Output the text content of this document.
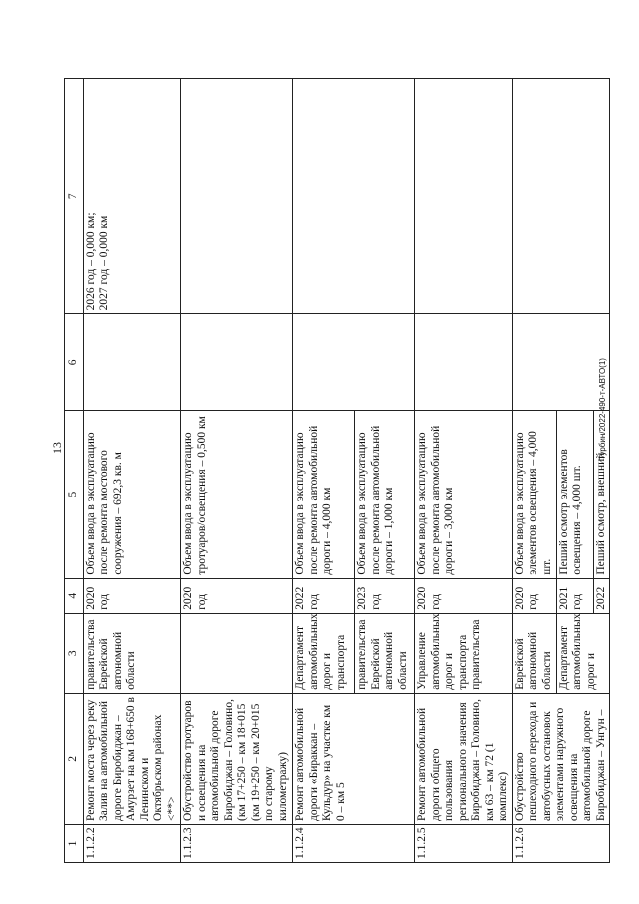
13
1	2	3	4	5	6	7
1.1.2.2	Ремонт моста через реку Залив на автомобильной дороге Биробиджан – Амурзет на км 168+650 в Ленинском и Октябрьском районах <**>	правительства Еврейской автономной области	2020 год	Объем ввода в эксплуатацию после ремонта мостового сооружения – 692,3 кв. м		2026 год – 0,000 км;
2027 год – 0,000 км
1.1.2.3	Обустройство тротуаров и освещения на автомобильной дороге Биробиджан – Головино, (км 17+250 – км 18+015 (км 19+250 – км 20+015 по старому километражу)		2020 год	Объем ввода в эксплуатацию тротуаров/освещения – 0,500 км		
1.1.2.4	Ремонт автомобильной дороги «Бираккан – Кульдур» на участке км 0 – км 5	Департамент автомобильных дорог и транспорта	2022 год	Объем ввода в эксплуатацию после ремонта автомобильной дороги – 4,000 км		
		правительства Еврейской автономной области	2023 год	Объем ввода в эксплуатацию после ремонта автомобильной дороги – 1,000 км		
1.1.2.5	Ремонт автомобильной дороги общего пользования регионального значения Биробиджан – Головино, км 63 – км 72 (1 комплекс)	Управление автомобильных дорог и транспорта правительства	2020 год	Объем ввода в эксплуатацию после ремонта автомобильной дороги – 3,000 км		
1.1.2.6	Обустройство пешеходного перехода и автобусных остановок элементами наружного освещения на автомобильной дороге Биробиджан – Унгун –	Еврейской автономной области	2020 год	Объем ввода в эксплуатацию элементов освещения – 4,000 шт.		
		Департамент автомобильных дорог и	2021 год	Пеший осмотр элементов освещения – 4,000 шт.		
			2022	Пеший осмотр, внешний		
Турбин/2022-490-т-АВТО(1)
